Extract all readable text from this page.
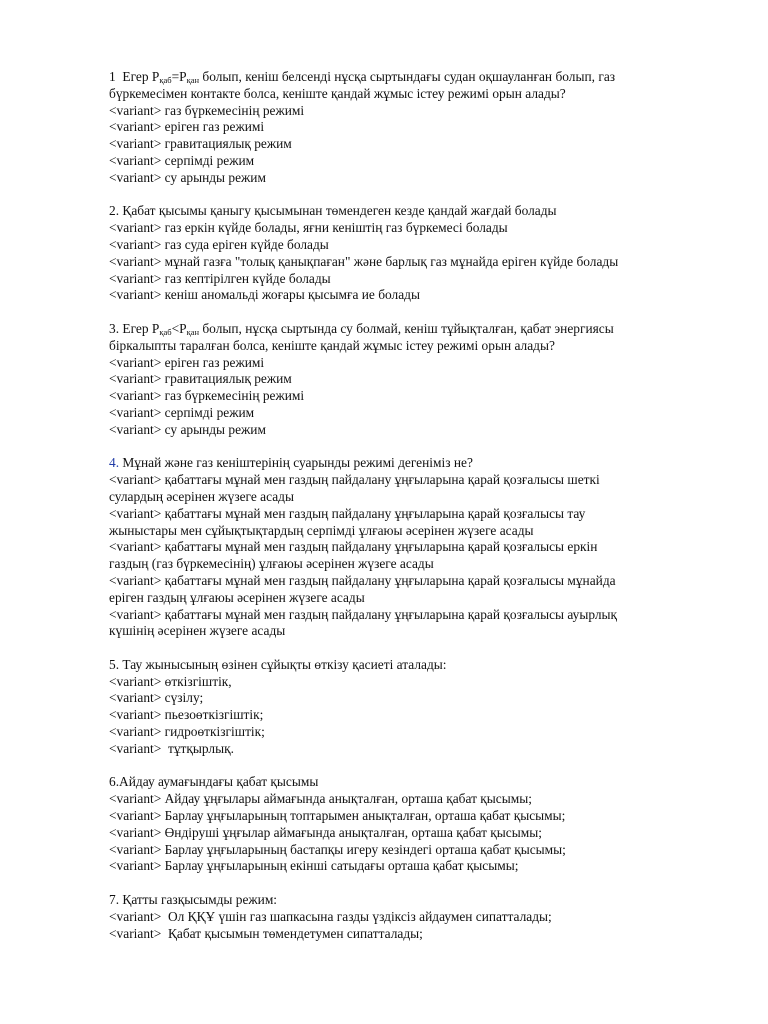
1 Егер $P_{қаб}=P_{қан}$ болып, кеніш белсенді нұсқа сыртындағы судан оқшауланған болып, газ
бүркемесімен контакте болса, кеніште қандай жұмыс істеу режимі орын алады?
<variant> газ бүркемесінің режимі
<variant> еріген газ режимі
<variant> гравитациялық режим
<variant> серпімді режим
<variant> су арынды режим
2. Қабат қысымы қаныгу қысымынан төмендеген кезде қандай жағдай болады
<variant> газ еркін күйде болады, яғни кеніштің газ бүркемесі болады
<variant> газ суда еріген күйде болады
<variant> мұнай газға "толық қанықпаған" және барлық газ мұнайда еріген күйде болады
<variant> газ кептірілген күйде болады
<variant> кеніш аномальді жоғары қысымға ие болады
3. Егер $P_{қаб}<P_{қан}$ болып, нұсқа сыртында су болмай, кеніш тұйықталған, қабат энергиясы
біркалыпты таралған болса, кеніште қандай жұмыс істеу режимі орын алады?
<variant> еріген газ режимі
<variant> гравитациялық режим
<variant> газ бүркемесінің режимі
<variant> серпімді режим
<variant> су арынды режим
4. Мұнай және газ кеніштерінің суарынды режимі дегеніміз не?
<variant> қабаттағы мұнай мен газдың пайдалану ұңғыларына қарай қозғалысы шеткі
сулардың әсерінен жүзеге асады
<variant> қабаттағы мұнай мен газдың пайдалану ұңғыларына қарай қозғалысы тау
жыныстары мен сұйықтықтардың серпімді ұлғаюы әсерінен жүзеге асады
<variant> қабаттағы мұнай мен газдың пайдалану ұңғыларына қарай қозғалысы еркін
газдың (газ бүркемесінің) ұлғаюы әсерінен жүзеге асады
<variant> қабаттағы мұнай мен газдың пайдалану ұңғыларына қарай қозғалысы мұнайда
еріген газдың ұлғаюы әсерінен жүзеге асады
<variant> қабаттағы мұнай мен газдың пайдалану ұңғыларына қарай қозғалысы ауырлық
күшінің әсерінен жүзеге асады
5. Тау жынысының өзінен сұйықты өткізу қасиеті аталады:
<variant> өткізгіштік,
<variant> сүзілу;
<variant> пьезоөткізгіштік;
<variant> гидроөткізгіштік;
<variant>  тұтқырлық.
6.Айдау аумағындағы қабат қысымы
<variant> Айдау ұңғылары аймағында анықталған, орташа қабат қысымы;
<variant> Барлау ұңғыларының топтарымен анықталған, орташа қабат қысымы;
<variant> Өндіруші ұңғылар аймағында анықталған, орташа қабат қысымы;
<variant> Барлау ұңғыларының бастапқы игеру кезіндегі орташа қабат қысымы;
<variant> Барлау ұңғыларының екінші сатыдағы орташа қабат қысымы;
7. Қатты газқысымды режим:
<variant>  Ол ҚҚҰ үшін газ шапкасына газды үздіксіз айдаумен сипатталады;
<variant>  Қабат қысымын төмендетумен сипатталады;
